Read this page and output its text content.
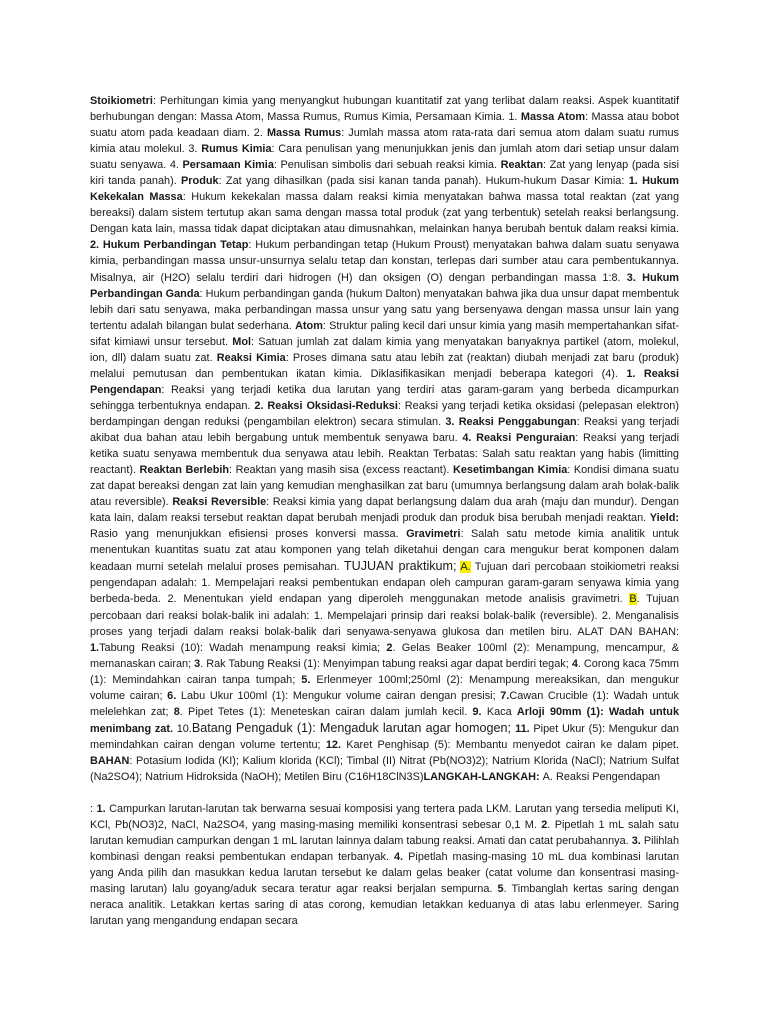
Stoikiometri: Perhitungan kimia yang menyangkut hubungan kuantitatif zat yang terlibat dalam reaksi. Aspek kuantitatif berhubungan dengan: Massa Atom, Massa Rumus, Rumus Kimia, Persamaan Kimia. 1. Massa Atom: Massa atau bobot suatu atom pada keadaan diam. 2. Massa Rumus: Jumlah massa atom rata-rata dari semua atom dalam suatu rumus kimia atau molekul. 3. Rumus Kimia: Cara penulisan yang menunjukkan jenis dan jumlah atom dari setiap unsur dalam suatu senyawa. 4. Persamaan Kimia: Penulisan simbolis dari sebuah reaksi kimia. Reaktan: Zat yang lenyap (pada sisi kiri tanda panah). Produk: Zat yang dihasilkan (pada sisi kanan tanda panah). Hukum-hukum Dasar Kimia: 1. Hukum Kekekalan Massa: Hukum kekekalan massa dalam reaksi kimia menyatakan bahwa massa total reaktan (zat yang bereaksi) dalam sistem tertutup akan sama dengan massa total produk (zat yang terbentuk) setelah reaksi berlangsung. Dengan kata lain, massa tidak dapat diciptakan atau dimusnahkan, melainkan hanya berubah bentuk dalam reaksi kimia. 2. Hukum Perbandingan Tetap: Hukum perbandingan tetap (Hukum Proust) menyatakan bahwa dalam suatu senyawa kimia, perbandingan massa unsur-unsurnya selalu tetap dan konstan, terlepas dari sumber atau cara pembentukannya. Misalnya, air (H2O) selalu terdiri dari hidrogen (H) dan oksigen (O) dengan perbandingan massa 1:8. 3. Hukum Perbandingan Ganda: Hukum perbandingan ganda (hukum Dalton) menyatakan bahwa jika dua unsur dapat membentuk lebih dari satu senyawa, maka perbandingan massa unsur yang satu yang bersenyawa dengan massa unsur lain yang tertentu adalah bilangan bulat sederhana. Atom: Struktur paling kecil dari unsur kimia yang masih mempertahankan sifat-sifat kimiawi unsur tersebut. Mol: Satuan jumlah zat dalam kimia yang menyatakan banyaknya partikel (atom, molekul, ion, dll) dalam suatu zat. Reaksi Kimia: Proses dimana satu atau lebih zat (reaktan) diubah menjadi zat baru (produk) melalui pemutusan dan pembentukan ikatan kimia. Diklasifikasikan menjadi beberapa kategori (4). 1. Reaksi Pengendapan: Reaksi yang terjadi ketika dua larutan yang terdiri atas garam-garam yang berbeda dicampurkan sehingga terbentuknya endapan. 2. Reaksi Oksidasi-Reduksi: Reaksi yang terjadi ketika oksidasi (pelepasan elektron) berdampingan dengan reduksi (pengambilan elektron) secara stimulan. 3. Reaksi Penggabungan: Reaksi yang terjadi akibat dua bahan atau lebih bergabung untuk membentuk senyawa baru. 4. Reaksi Penguraian: Reaksi yang terjadi ketika suatu senyawa membentuk dua senyawa atau lebih. Reaktan Terbatas: Salah satu reaktan yang habis (limitting reactant). Reaktan Berlebih: Reaktan yang masih sisa (excess reactant). Kesetimbangan Kimia: Kondisi dimana suatu zat dapat bereaksi dengan zat lain yang kemudian menghasilkan zat baru (umumnya berlangsung dalam arah bolak-balik atau reversible). Reaksi Reversible: Reaksi kimia yang dapat berlangsung dalam dua arah (maju dan mundur). Dengan kata lain, dalam reaksi tersebut reaktan dapat berubah menjadi produk dan produk bisa berubah menjadi reaktan. Yield: Rasio yang menunjukkan efisiensi proses konversi massa. Gravimetri: Salah satu metode kimia analitik untuk menentukan kuantitas suatu zat atau komponen yang telah diketahui dengan cara mengukur berat komponen dalam keadaan murni setelah melalui proses pemisahan. TUJUAN praktikum; A. Tujuan dari percobaan stoikiometri reaksi pengendapan adalah: 1. Mempelajari reaksi pembentukan endapan oleh campuran garam-garam senyawa kimia yang berbeda-beda. 2. Menentukan yield endapan yang diperoleh menggunakan metode analisis gravimetri. B. Tujuan percobaan dari reaksi bolak-balik ini adalah: 1. Mempelajari prinsip dari reaksi bolak-balik (reversible). 2. Menganalisis proses yang terjadi dalam reaksi bolak-balik dari senyawa-senyawa glukosa dan metilen biru. ALAT DAN BAHAN: 1.Tabung Reaksi (10): Wadah menampung reaksi kimia; 2. Gelas Beaker 100ml (2): Menampung, mencampur, & memanaskan cairan; 3. Rak Tabung Reaksi (1): Menyimpan tabung reaksi agar dapat berdiri tegak; 4. Corong kaca 75mm (1): Memindahkan cairan tanpa tumpah; 5. Erlenmeyer 100ml;250ml (2): Menampung mereaksikan, dan mengukur volume cairan; 6. Labu Ukur 100ml (1): Mengukur volume cairan dengan presisi; 7.Cawan Crucible (1): Wadah untuk melelehkan zat; 8. Pipet Tetes (1): Meneteskan cairan dalam jumlah kecil. 9. Kaca Arloji 90mm (1): Wadah untuk menimbang zat. 10.Batang Pengaduk (1): Mengaduk larutan agar homogen; 11. Pipet Ukur (5): Mengukur dan memindahkan cairan dengan volume tertentu; 12. Karet Penghisap (5): Membantu menyedot cairan ke dalam pipet. BAHAN: Potasium Iodida (KI); Kalium klorida (KCl); Timbal (II) Nitrat (Pb(NO3)2); Natrium Klorida (NaCl); Natrium Sulfat (Na2SO4); Natrium Hidroksida (NaOH); Metilen Biru (C16H18ClN3S)LANGKAH-LANGKAH: A. Reaksi Pengendapan

: 1. Campurkan larutan-larutan tak berwarna sesuai komposisi yang tertera pada LKM. Larutan yang tersedia meliputi KI, KCl, Pb(NO3)2, NaCl, Na2SO4, yang masing-masing memiliki konsentrasi sebesar 0,1 M. 2. Pipetlah 1 mL salah satu larutan kemudian campurkan dengan 1 mL larutan lainnya dalam tabung reaksi. Amati dan catat perubahannya. 3. Pilihlah kombinasi dengan reaksi pembentukan endapan terbanyak. 4. Pipetlah masing-masing 10 mL dua kombinasi larutan yang Anda pilih dan masukkan kedua larutan tersebut ke dalam gelas beaker (catat volume dan konsentrasi masing-masing larutan) lalu goyang/aduk secara teratur agar reaksi berjalan sempurna. 5. Timbanglah kertas saring dengan neraca analitik. Letakkan kertas saring di atas corong, kemudian letakkan keduanya di atas labu erlenmeyer. Saring larutan yang mengandung endapan secara
